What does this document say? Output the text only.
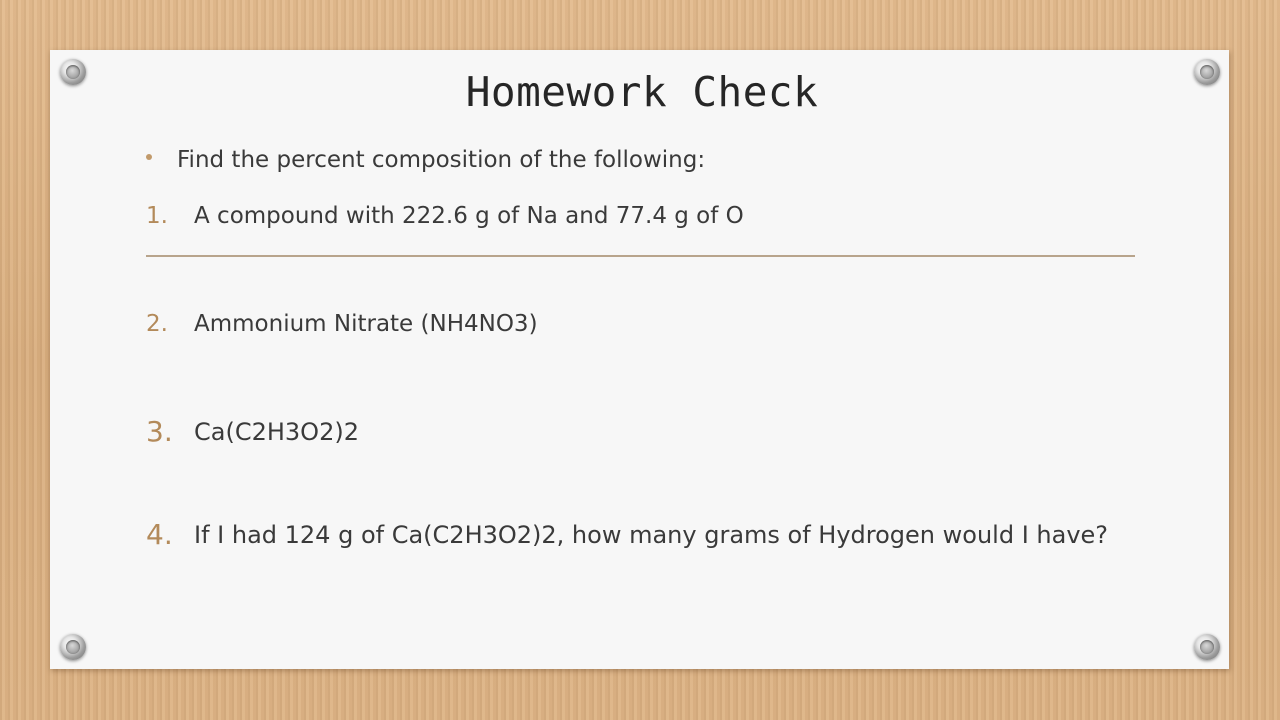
Homework Check
Find the percent composition of the following:
1. A compound with 222.6 g of Na and 77.4 g of O
2. Ammonium Nitrate (NH4NO3)
3. Ca(C2H3O2)2
4. If I had 124 g of Ca(C2H3O2)2, how many grams of Hydrogen would I have?
